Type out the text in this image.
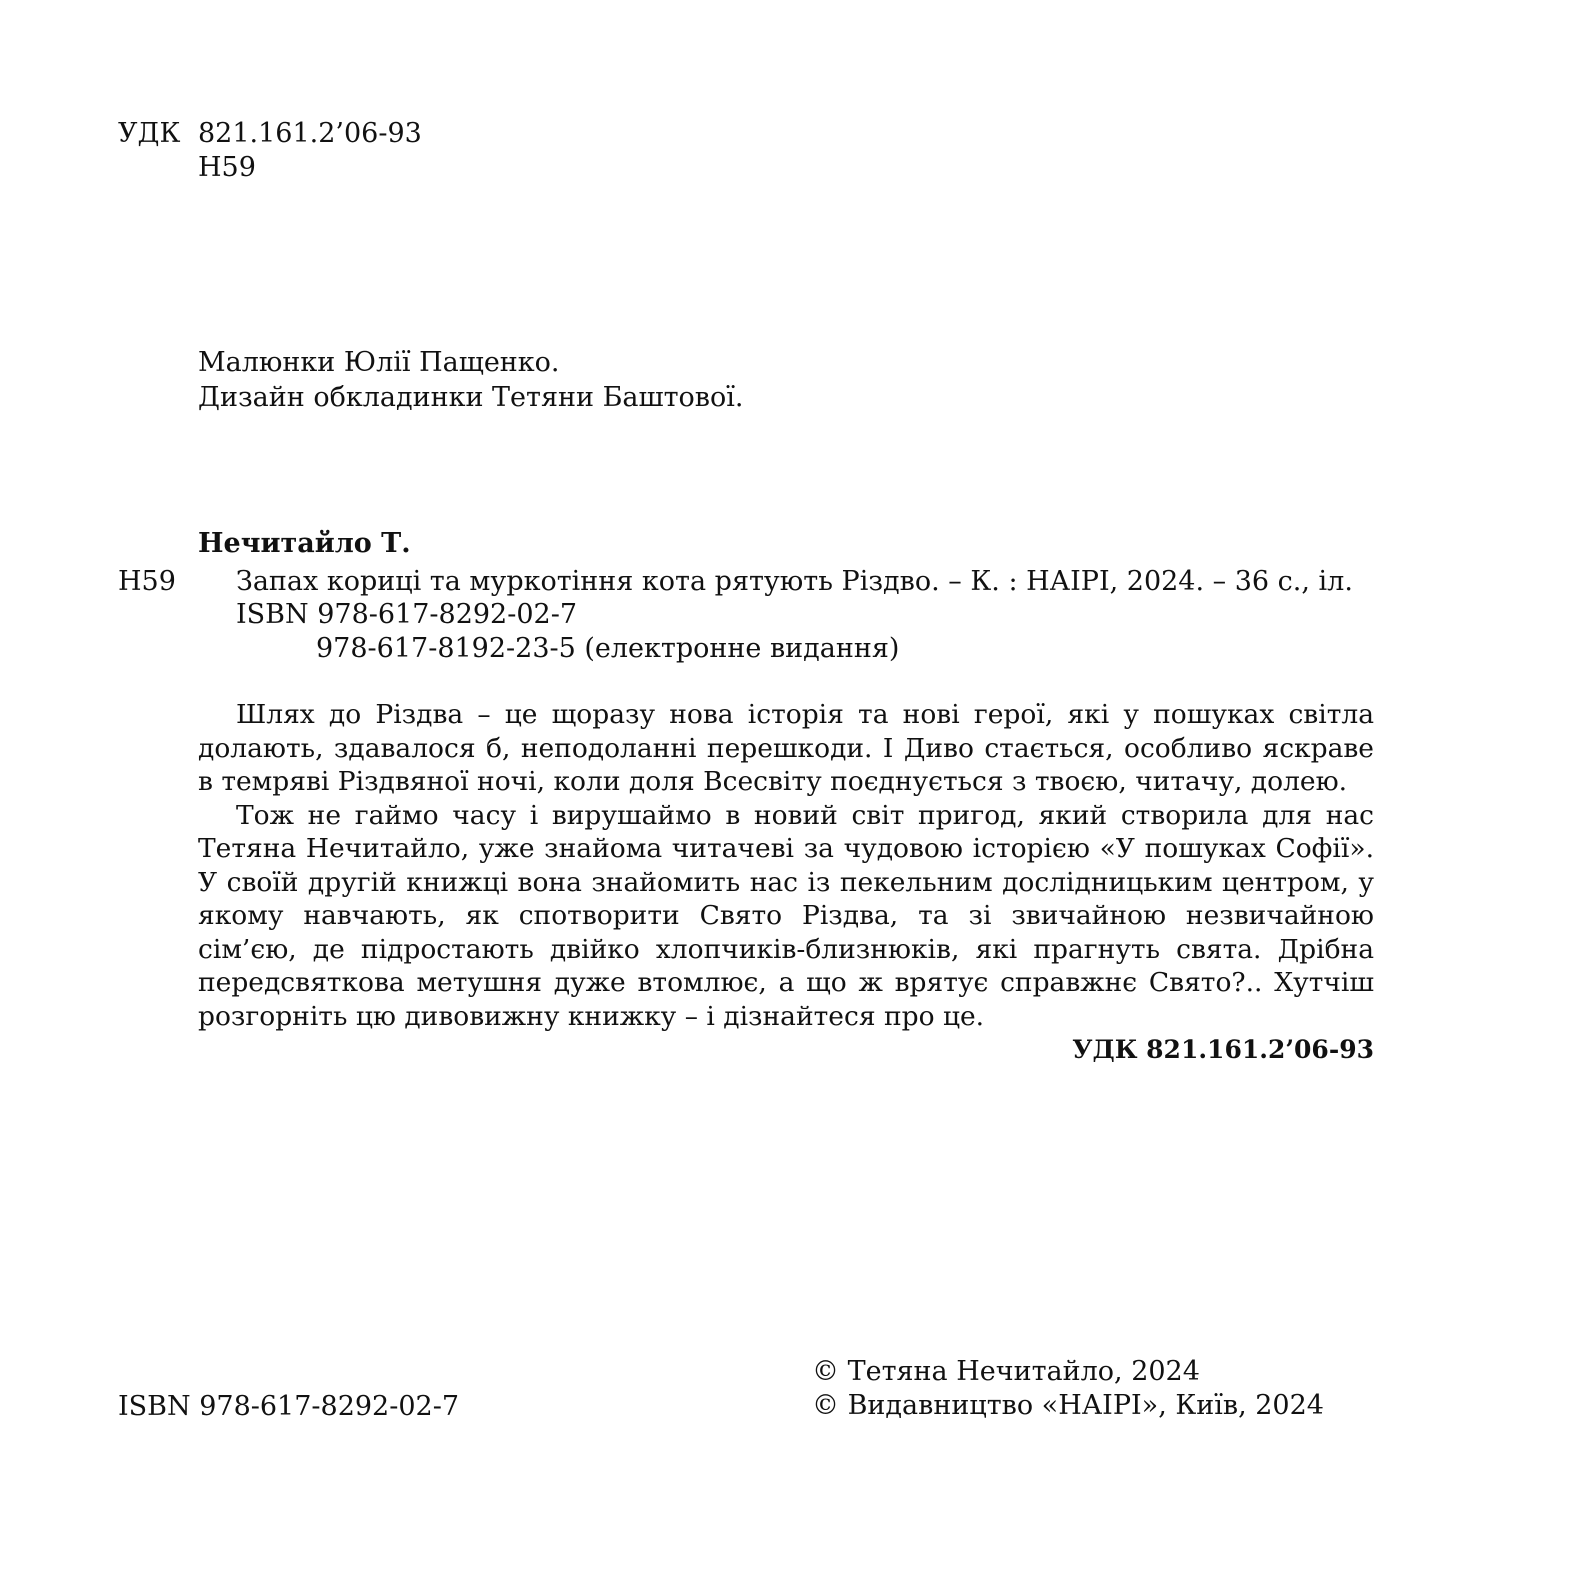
УДК 821.161.2’06-93
Н59
Малюнки Юлії Пащенко.
Дизайн обкладинки Тетяни Баштової.
Нечитайло Т.
Н59 Запах кориці та муркотіння кота рятують Різдво. – К. : НАІРІ, 2024. – 36 с., іл.
ISBN 978-617-8292-02-7
978-617-8192-23-5 (електронне видання)

Шлях до Різдва – це щоразу нова історія та нові герої, які у пошуках світла долають, здавалося б, неподоланні перешкоди. І Диво стається, особливо яскраве в темряві Різдвяної ночі, коли доля Всесвіту поєднується з твоєю, читачу, долею.

Тож не гаймо часу і вирушаймо в новий світ пригод, який створила для нас Тетяна Нечитайло, уже знайома читачеві за чудовою історією «У пошуках Софії». У своїй другій книжці вона знайомить нас із пекельним дослідницьким центром, у якому навчають, як спотворити Свято Різдва, та зі звичайною незвичайною сім’єю, де підростають двійко хлопчиків-близнюків, які прагнуть свята. Дрібна передсвяткова метушня дуже втомлює, а що ж врятує справжнє Свято?.. Хутчіш розгорніть цю дивовижну книжку – і дізнайтеся про це.

УДК 821.161.2’06-93
ISBN 978-617-8292-02-7
© Тетяна Нечитайло, 2024
© Видавництво «НАІРІ», Київ, 2024
